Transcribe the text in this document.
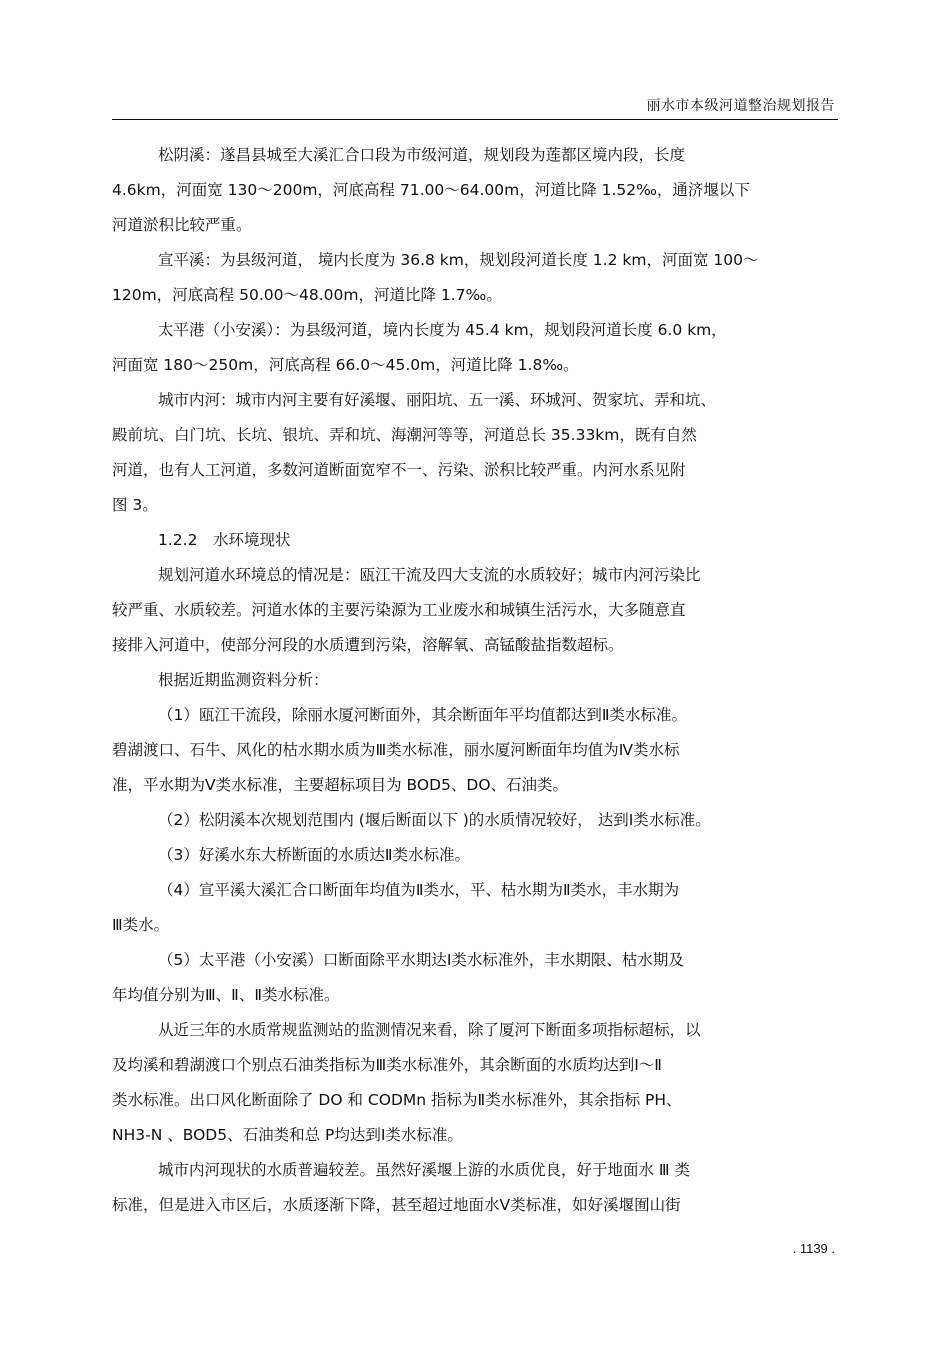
丽水市本级河道整治规划报告

松阴溪：遂昌县城至大溪汇合口段为市级河道，规划段为莲都区境内段，长度
4.6km，河面宽 130～200m，河底高程 71.00～64.00m，河道比降 1.52‰，通济堰以下
河道淤积比较严重。

宣平溪：为县级河道， 境内长度为 36.8 km，规划段河道长度 1.2 km，河面宽 100～
120m，河底高程 50.00～48.00m，河道比降 1.7‰。

太平港（小安溪）：为县级河道，境内长度为 45.4 km，规划段河道长度 6.0 km，
河面宽 180～250m，河底高程 66.0～45.0m，河道比降 1.8‰。

城市内河：城市内河主要有好溪堰、丽阳坑、五一溪、环城河、贺家坑、弄和坑、
殿前坑、白门坑、长坑、银坑、弄和坑、海潮河等等，河道总长 35.33km，既有自然
河道，也有人工河道，多数河道断面宽窄不一、污染、淤积比较严重。内河水系见附
图 3。

1.2.2　水环境现状

规划河道水环境总的情况是：瓯江干流及四大支流的水质较好；城市内河污染比
较严重、水质较差。河道水体的主要污染源为工业废水和城镇生活污水，大多随意直
接排入河道中，使部分河段的水质遭到污染，溶解氧、高锰酸盐指数超标。

根据近期监测资料分析：

（1）瓯江干流段，除丽水厦河断面外，其余断面年平均值都达到Ⅱ类水标准。
碧湖渡口、石牛、风化的枯水期水质为Ⅲ类水标准，丽水厦河断面年均值为Ⅳ类水标
准，平水期为Ⅴ类水标准，主要超标项目为 BOD5、DO、石油类。

（2）松阴溪本次规划范围内 (堰后断面以下 )的水质情况较好， 达到Ⅰ类水标准。

（3）好溪水东大桥断面的水质达Ⅱ类水标准。

（4）宣平溪大溪汇合口断面年均值为Ⅱ类水，平、枯水期为Ⅱ类水，丰水期为
Ⅲ类水。

（5）太平港（小安溪）口断面除平水期达Ⅰ类水标准外，丰水期限、枯水期及
年均值分别为Ⅲ、Ⅱ、Ⅱ类水标准。

从近三年的水质常规监测站的监测情况来看，除了厦河下断面多项指标超标，以
及均溪和碧湖渡口个别点石油类指标为Ⅲ类水标准外，其余断面的水质均达到Ⅰ～Ⅱ
类水标准。出口风化断面除了 DO 和 CODMn 指标为Ⅱ类水标准外，其余指标 PH、
NH3-N 、BOD5、石油类和总 P均达到Ⅰ类水标准。

城市内河现状的水质普遍较差。虽然好溪堰上游的水质优良，好于地面水 Ⅲ 类
标准，但是进入市区后，水质逐渐下降，甚至超过地面水Ⅴ类标准，如好溪堰囿山街

. 1139 .
